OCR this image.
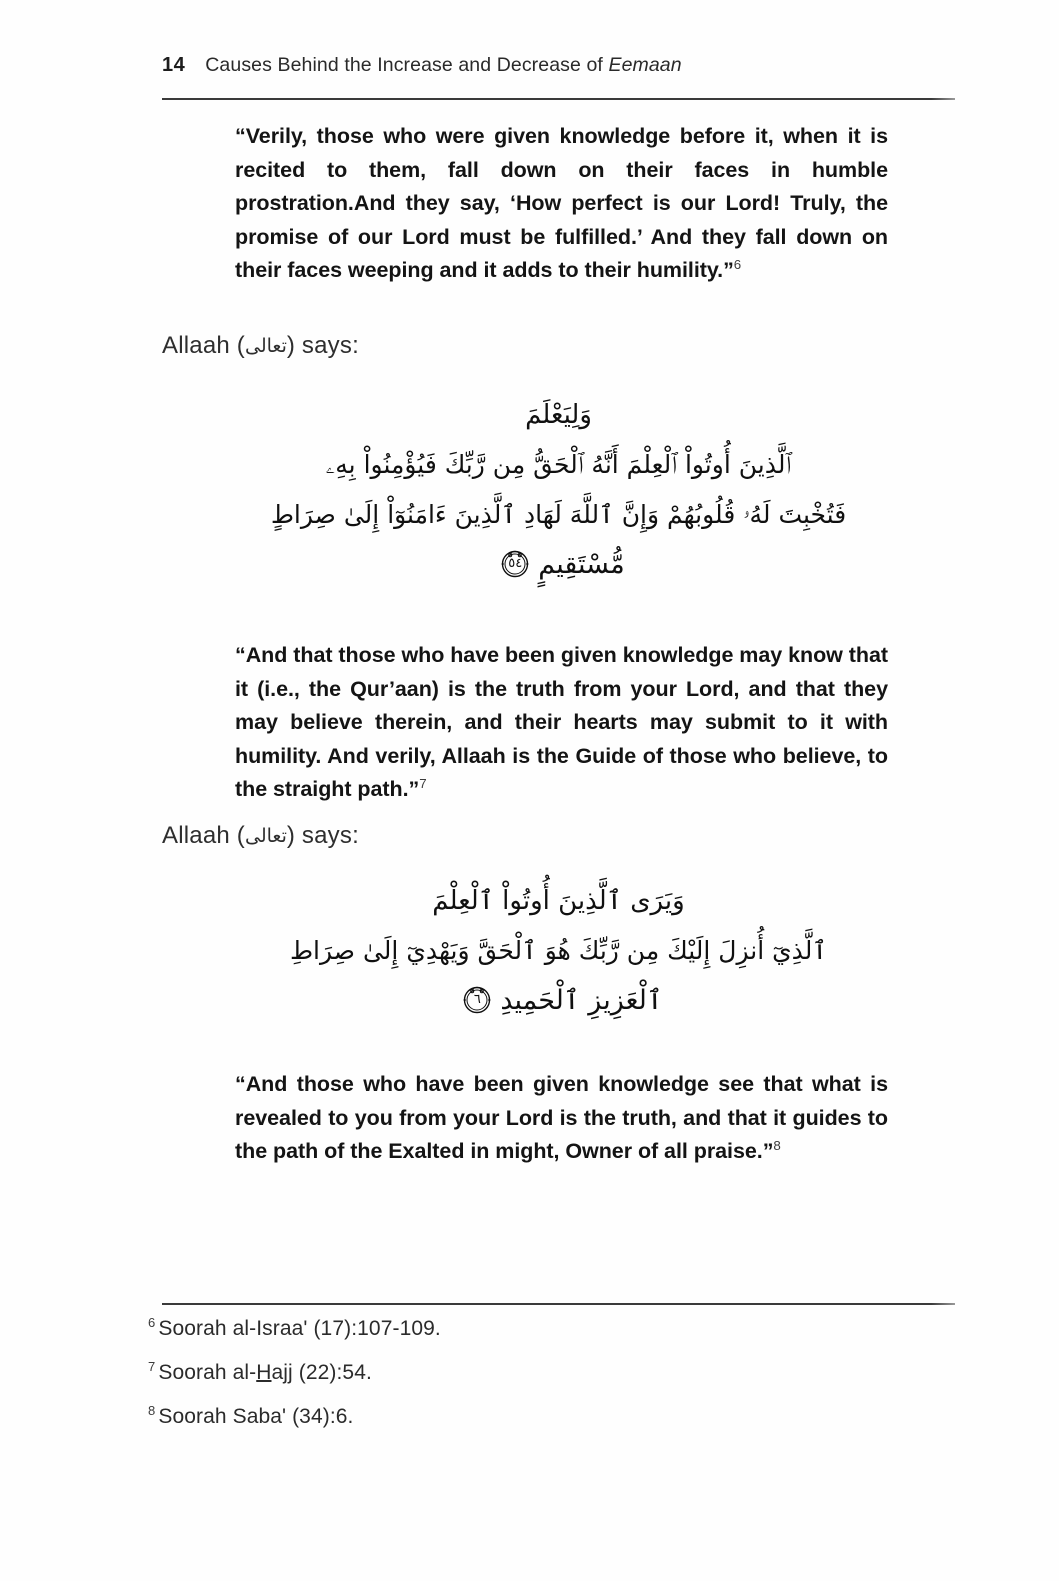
14 Causes Behind the Increase and Decrease of Eemaan
“Verily, those who were given knowledge before it, when it is recited to them, fall down on their faces in humble prostration.And they say, ‘How perfect is our Lord! Truly, the promise of our Lord must be fulfilled.’ And they fall down on their faces weeping and it adds to their humility.”$^6$
Allaah (تعالى) says:
وَلِيَعْلَمَ
ٱلَّذِينَ أُوتُواْ ٱلْعِلْمَ أَنَّهُ ٱلْحَقُّ مِن رَّبِّكَ فَيُؤْمِنُواْ بِهِۦ
فَتُخْبِتَ لَهُۥ قُلُوبُهُمْ وَإِنَّ ٱللَّهَ لَهَادِ ٱلَّذِينَ ءَامَنُوٓاْ إِلَىٰ صِرَاطٍ
مُّسْتَقِيمٍ
٥٤
“And that those who have been given knowledge may know that it (i.e., the Qur’aan) is the truth from your Lord, and that they may believe therein, and their hearts may submit to it with humility. And verily, Allaah is the Guide of those who believe, to the straight path.”$^7$
Allaah (تعالى) says:
وَيَرَى ٱلَّذِينَ أُوتُواْ ٱلْعِلْمَ
ٱلَّذِيٓ أُنزِلَ إِلَيْكَ مِن رَّبِّكَ هُوَ ٱلْحَقَّ وَيَهْدِيٓ إِلَىٰ صِرَاطِ
ٱلْعَزِيزِ ٱلْحَمِيدِ
٦
“And those who have been given knowledge see that what is revealed to you from your Lord is the truth, and that it guides to the path of the Exalted in might, Owner of all praise.”$^8$
$^6$ Soorah al-Israa' (17):107-109.
$^7$ Soorah al-Hajj (22):54.
$^8$ Soorah Saba' (34):6.
